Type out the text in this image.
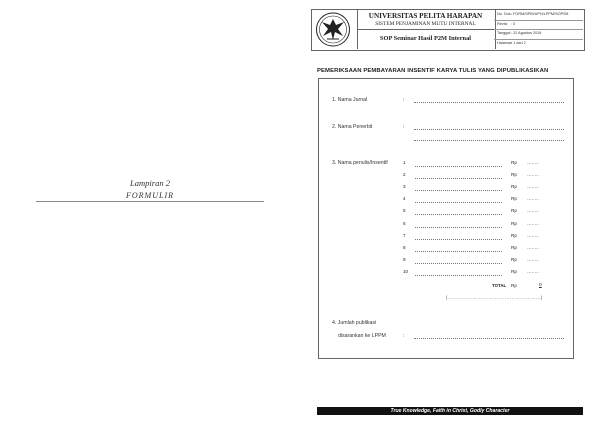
Lampiran 2
FORMULIR
UNIVERSITAS PELITA HARAPAN
SISTEM PENJAMINAN MUTU INTERNAL
SOP Seminar Hasil P2M Internal
No. Dok.: FORM/SPM/UPH/LPPM/SOP/08
Revisi : 0
Tanggal: 22 Agustus 2016
Halaman: 1 dari 2
PEMERIKSAAN PEMBAYARAN INSENTIF KARYA TULIS YANG DIPUBLIKASIKAN
1. Nama Jurnal	:
2. Nama Penerbit	:
3. Nama penulis/Insentif	1	Rp ……..
2	Rp ……..
3	Rp ……..
4	Rp ……..
5	Rp ……..
6	Rp ……..
7	Rp ……..
8	Rp ……..
9	Rp ……..
10	Rp ……..
TOTAL Rp	0
(…………………………………………………)
4. Jumlah publikasi
disarankan ke LPPM	:
True Knowledge, Faith in Christ, Godly Character
